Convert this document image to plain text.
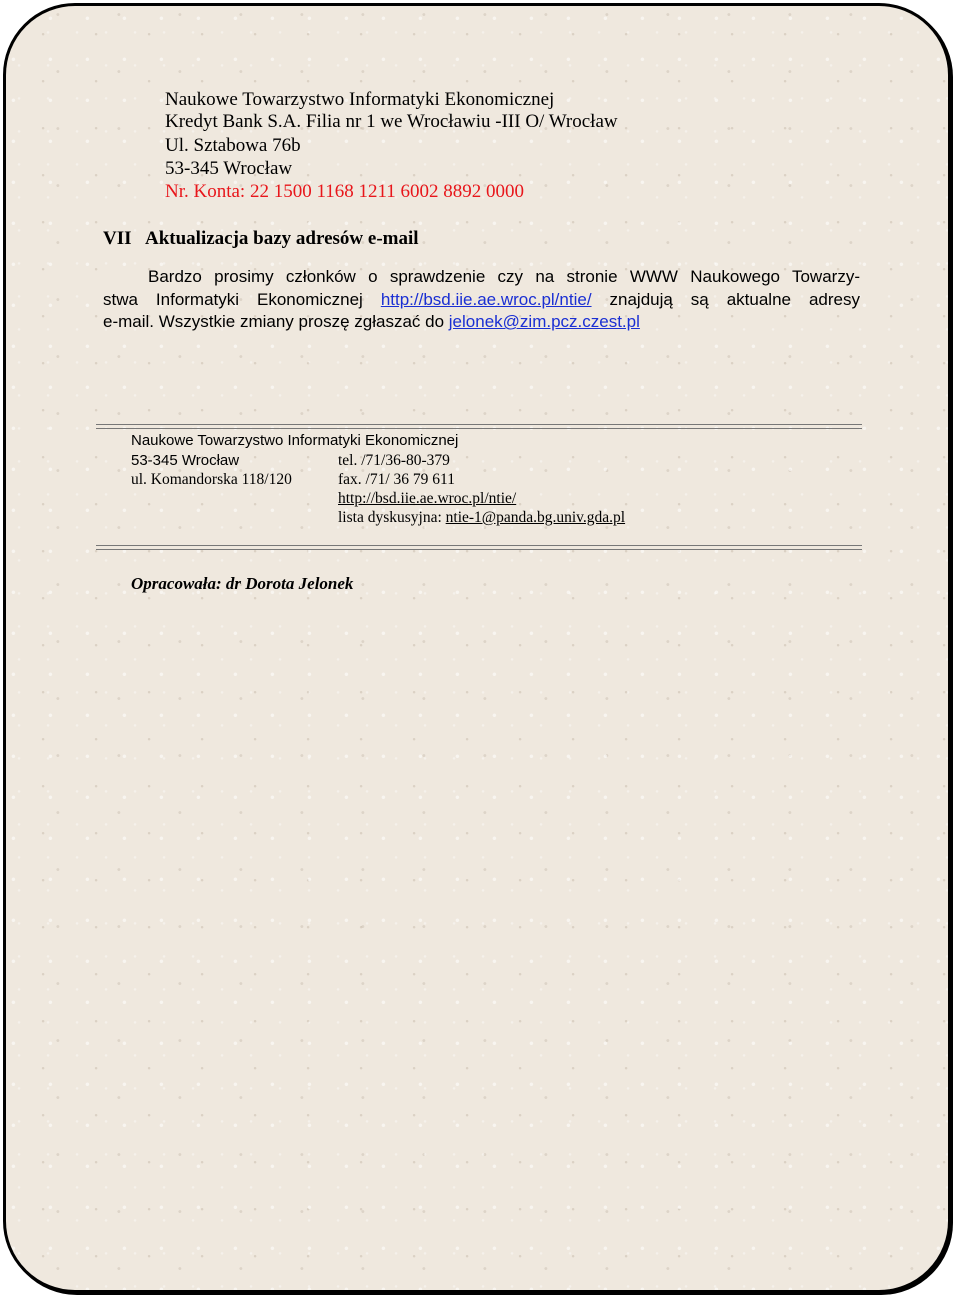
Naukowe Towarzystwo Informatyki Ekonomicznej
Kredyt Bank S.A. Filia nr 1 we Wrocławiu -III O/ Wrocław
Ul. Sztabowa 76b
53-345 Wrocław
Nr. Konta: 22 1500 1168 1211 6002 8892 0000
VII Aktualizacja bazy adresów e-mail
Bardzo prosimy członków o sprawdzenie czy na stronie WWW Naukowego Towarzy-
stwa Informatyki Ekonomicznej http://bsd.iie.ae.wroc.pl/ntie/ znajdują są aktualne adresy
e-mail. Wszystkie zmiany proszę zgłaszać do jelonek@zim.pcz.czest.pl
Naukowe Towarzystwo Informatyki Ekonomicznej
53-345 Wrocław
ul. Komandorska 118/120
tel. /71/36-80-379
fax. /71/ 36 79 611
http://bsd.iie.ae.wroc.pl/ntie/
lista dyskusyjna: ntie-1@panda.bg.univ.gda.pl
Opracowała: dr Dorota Jelonek
